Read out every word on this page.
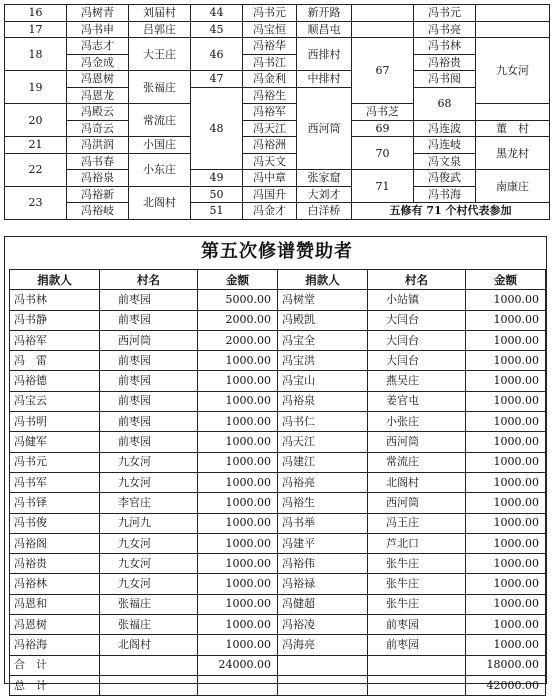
16	冯树青	刘届村	44	冯书元	新开路		冯书元		
17	冯书申	吕郭庄	45	冯宝恒	顺昌屯		冯书亮		
18	冯志才	大王庄	46	冯裕华	西排村	67	冯书林	九女河	
	冯金成			冯书江			冯裕贵		
19	冯恩树	张福庄	47	冯金利	中排村		冯书阅		
	冯恩龙		48	冯裕生	西河筒		68		
20	冯殿云	常流庄		冯裕军		冯书芝			
	冯奇云			冯天江		69	冯连波	董　村	
21	冯洪润	小国庄		冯裕洲		70	冯连岐	黑龙村	
22	冯书春	小东庄		冯天文			冯文泉		
	冯裕泉		49	冯中章	张家窟	71	冯俊武	南康庄	
23	冯裕新	北阁村	50	冯国升	大刘才		冯书海		
	冯裕岐		51	冯金才	白洋桥	五修有 71 个村代表参加			
第五次修谱赞助者
捐款人	村名	金额	捐款人	村名	金额
冯书林	前枣园	5000.00	冯树堂	小站镇	1000.00
冯书静	前枣园	2000.00	冯殿凯	大闫台	1000.00
冯裕军	西河筒	2000.00	冯宝全	大闫台	1000.00
冯　雷	前枣园	1000.00	冯宝洪	大闫台	1000.00
冯裕德	前枣园	1000.00	冯宝山	燕吴庄	1000.00
冯宝云	前枣园	1000.00	冯裕泉	姜官屯	1000.00
冯书明	前枣园	1000.00	冯书仁	小张庄	1000.00
冯健军	前枣园	1000.00	冯天江	西河筒	1000.00
冯书元	九女河	1000.00	冯建江	常流庄	1000.00
冯书军	九女河	1000.00	冯裕亮	北阁村	1000.00
冯书铎	李官庄	1000.00	冯裕生	西河筒	1000.00
冯书俊	九河九	1000.00	冯书举	冯王庄	1000.00
冯裕阁	九女河	1000.00	冯建平	芦北口	1000.00
冯裕贵	九女河	1000.00	冯裕伟	张牛庄	1000.00
冯裕林	九女河	1000.00	冯裕禄	张牛庄	1000.00
冯恩和	张福庄	1000.00	冯健超	张牛庄	1000.00
冯恩树	张福庄	1000.00	冯裕凌	前枣园	1000.00
冯裕海	北阁村	1000.00	冯海亮	前枣园	1000.00
合　计		24000.00			18000.00
总　计					42000.00
